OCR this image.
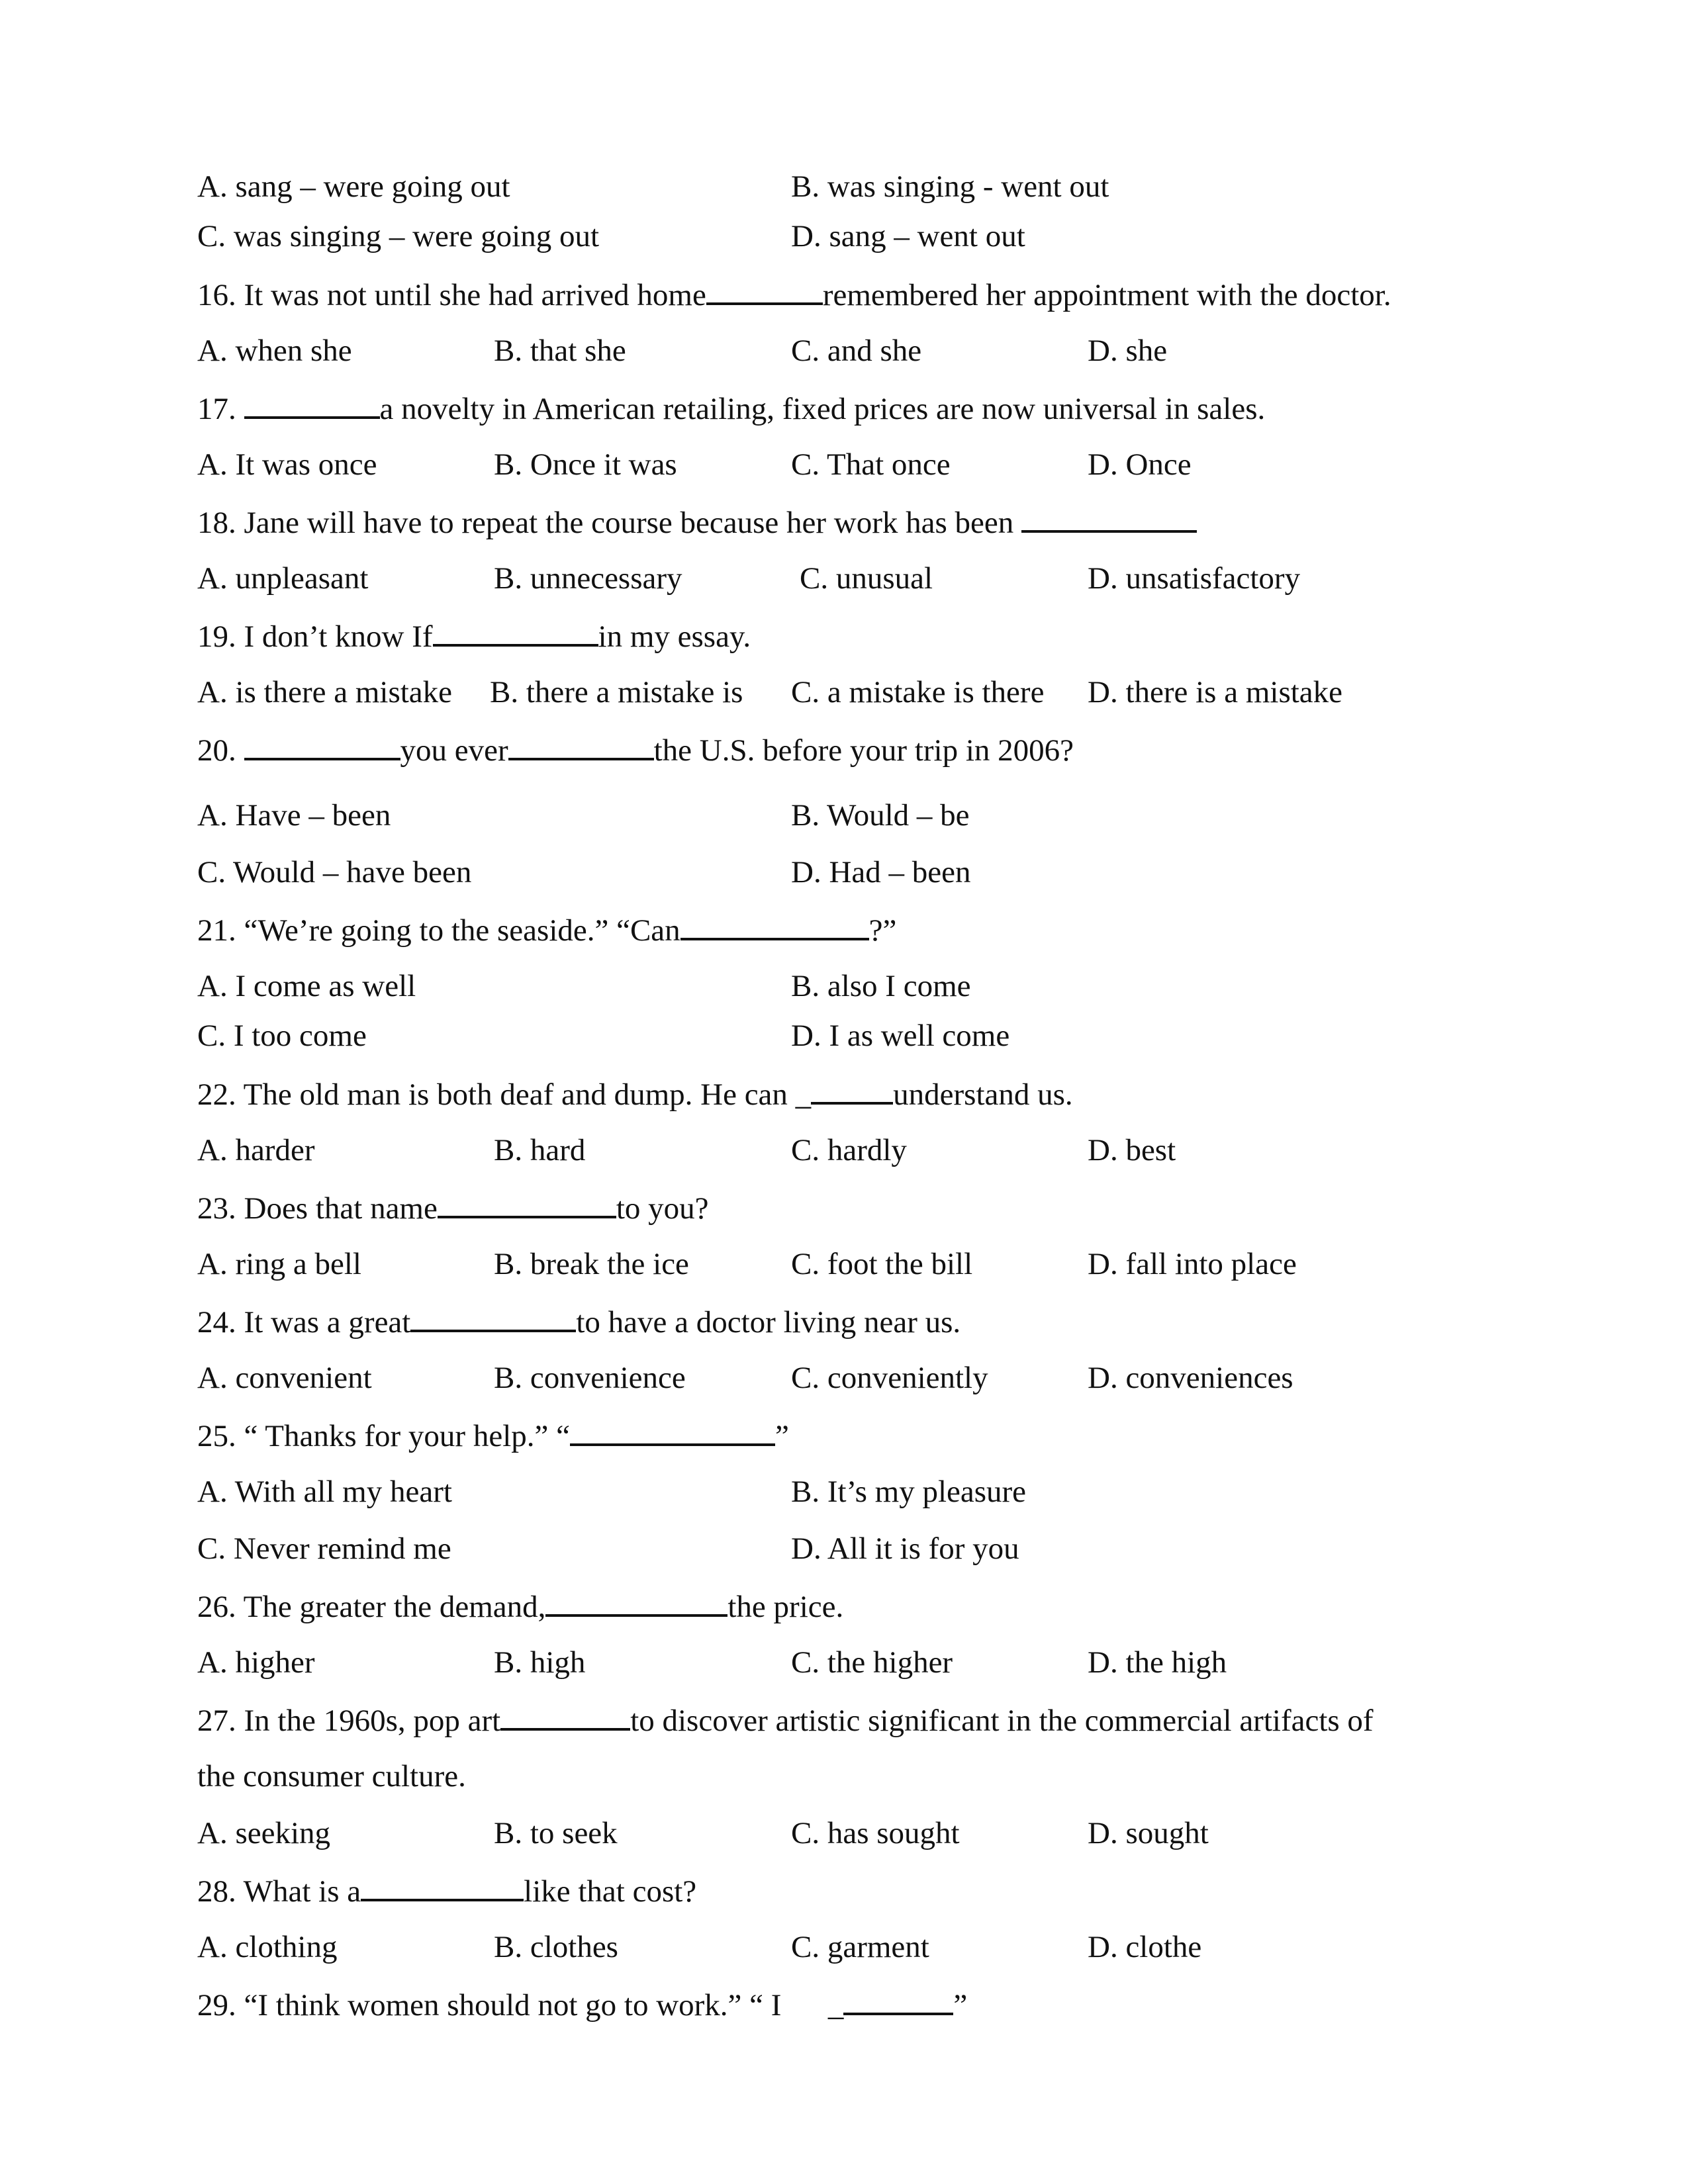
A. sang – were going out	B. was singing - went out
C. was singing – were going out	D. sang – went out
16. It was not until she had arrived home	remembered her appointment with the doctor.
A. when she	B. that she	C. and she	D. she
17.	a novelty in American retailing, fixed prices are now universal in sales.
A. It was once	B. Once it was	C. That once	D. Once
18. Jane will have to repeat the course because her work has been
A. unpleasant	B. unnecessary	C. unusual	D. unsatisfactory
19. I don’t know If	in my essay.
A. is there a mistake B. there a mistake is C. a mistake is there D. there is a mistake
20.	you ever	the U.S. before your trip in 2006?
A. Have – been	B. Would – be
C. Would – have been	D. Had – been
21. “We’re going to the seaside.” “Can	?”
A. I come as well	B. also I come
C. I too come	D. I as well come
22. The old man is both deaf and dump. He can _	understand us.
A. harder	B. hard	C. hardly	D. best
23. Does that name	to you?
A. ring a bell	B. break the ice	C. foot the bill	D. fall into place
24. It was a great	to have a doctor living near us.
A. convenient	B. convenience	C. conveniently	D. conveniences
25. “ Thanks for your help.” “	”
A. With all my heart	B. It’s my pleasure
C. Never remind me	D. All it is for you
26. The greater the demand,	the price.
A. higher	B. high	C. the higher	D. the high
27. In the 1960s, pop art	to discover artistic significant in the commercial artifacts of
the consumer culture.
A. seeking	B. to seek	C. has sought	D. sought
28. What is a	like that cost?
A. clothing	B. clothes	C. garment	D. clothe
29. “I think women should not go to work.” “ I      _	”
